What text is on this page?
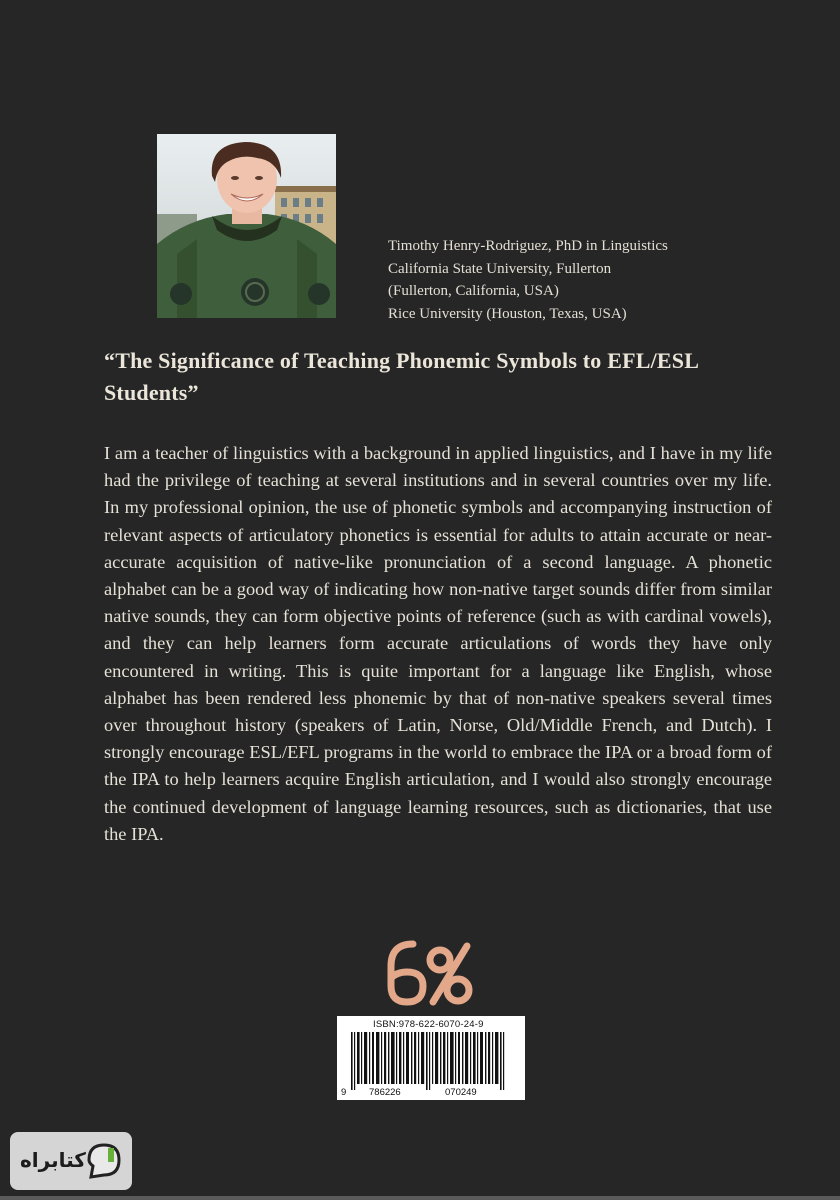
Timothy Henry-Rodriguez, PhD in Linguistics
California State University, Fullerton
(Fullerton, California, USA)
Rice University (Houston, Texas, USA)
“The Significance of Teaching Phonemic Symbols to EFL/ESL Students”
I am a teacher of linguistics with a background in applied linguistics, and I have in my life had the privilege of teaching at several institutions and in several countries over my life. In my professional opinion, the use of phonetic symbols and accompanying instruction of relevant aspects of articulatory phonetics is essential for adults to attain accurate or near-accurate acquisition of native-like pronunciation of a second language. A phonetic alphabet can be a good way of indicating how non-native target sounds differ from similar native sounds, they can form objective points of reference (such as with cardinal vowels), and they can help learners form accurate articulations of words they have only encountered in writing. This is quite important for a language like English, whose alphabet has been rendered less phonemic by that of non-native speakers several times over throughout history (speakers of Latin, Norse, Old/Middle French, and Dutch). I strongly encourage ESL/EFL programs in the world to embrace the IPA or a broad form of the IPA to help learners acquire English articulation, and I would also strongly encourage the continued development of language learning resources, such as dictionaries, that use the IPA.
ISBN:978-622-6070-24-9
9 786226	070249
کتابراه
